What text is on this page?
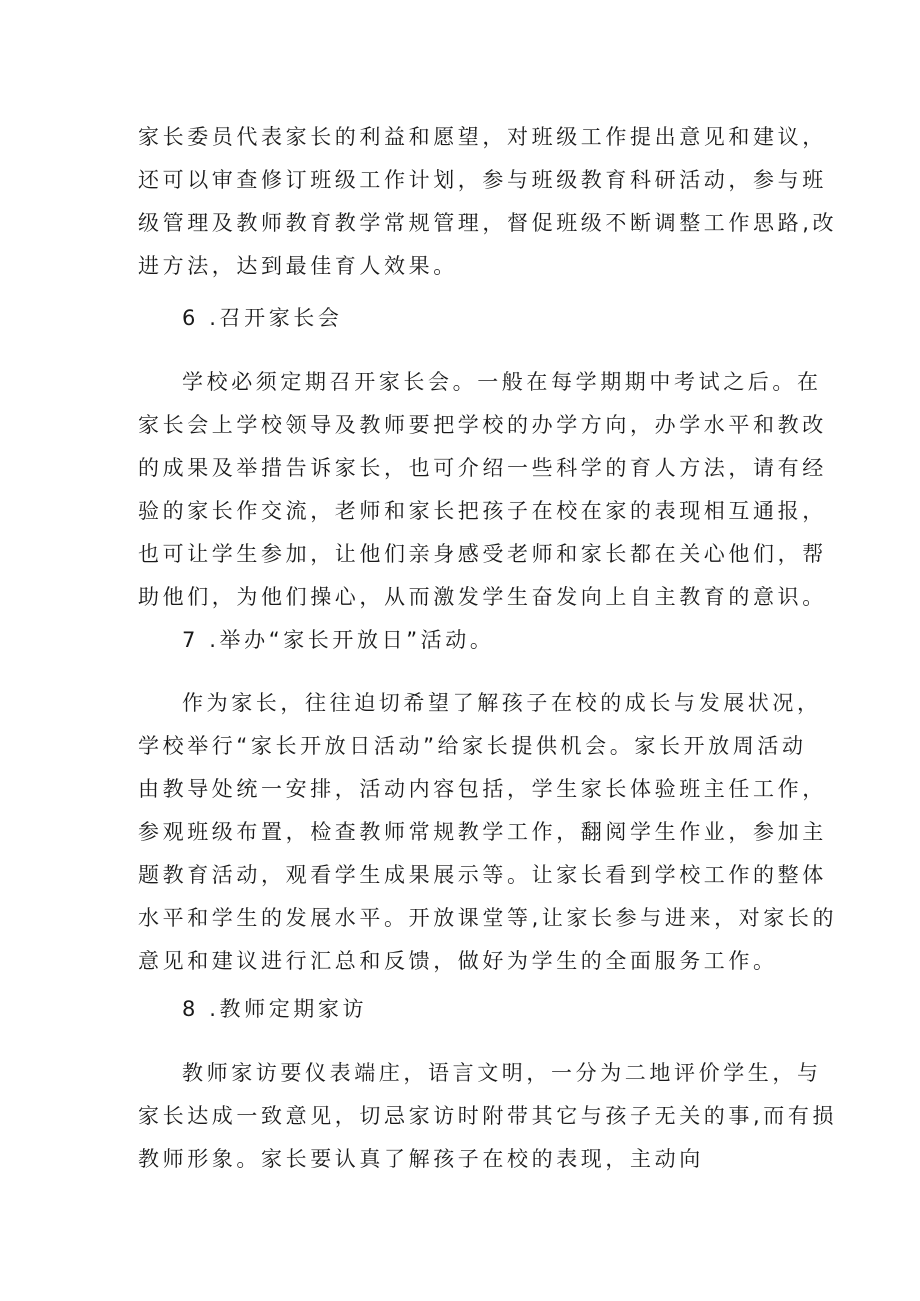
家长委员代表家长的利益和愿望，对班级工作提出意见和建议，
还可以审查修订班级工作计划，参与班级教育科研活动，参与班
级管理及教师教育教学常规管理，督促班级不断调整工作思路,改
进方法，达到最佳育人效果。
6 .召开家长会
学校必须定期召开家长会。一般在每学期期中考试之后。在
家长会上学校领导及教师要把学校的办学方向，办学水平和教改
的成果及举措告诉家长，也可介绍一些科学的育人方法，请有经
验的家长作交流，老师和家长把孩子在校在家的表现相互通报，
也可让学生参加，让他们亲身感受老师和家长都在关心他们，帮
助他们，为他们操心，从而激发学生奋发向上自主教育的意识。
7 .举办“家长开放日”活动。
作为家长，往往迫切希望了解孩子在校的成长与发展状况，
学校举行“家长开放日活动”给家长提供机会。家长开放周活动
由教导处统一安排，活动内容包括，学生家长体验班主任工作，
参观班级布置，检查教师常规教学工作，翻阅学生作业，参加主
题教育活动，观看学生成果展示等。让家长看到学校工作的整体
水平和学生的发展水平。开放课堂等,让家长参与进来，对家长的
意见和建议进行汇总和反馈，做好为学生的全面服务工作。
8 .教师定期家访
教师家访要仪表端庄，语言文明，一分为二地评价学生，与
家长达成一致意见，切忌家访时附带其它与孩子无关的事,而有损
教师形象。家长要认真了解孩子在校的表现，主动向
